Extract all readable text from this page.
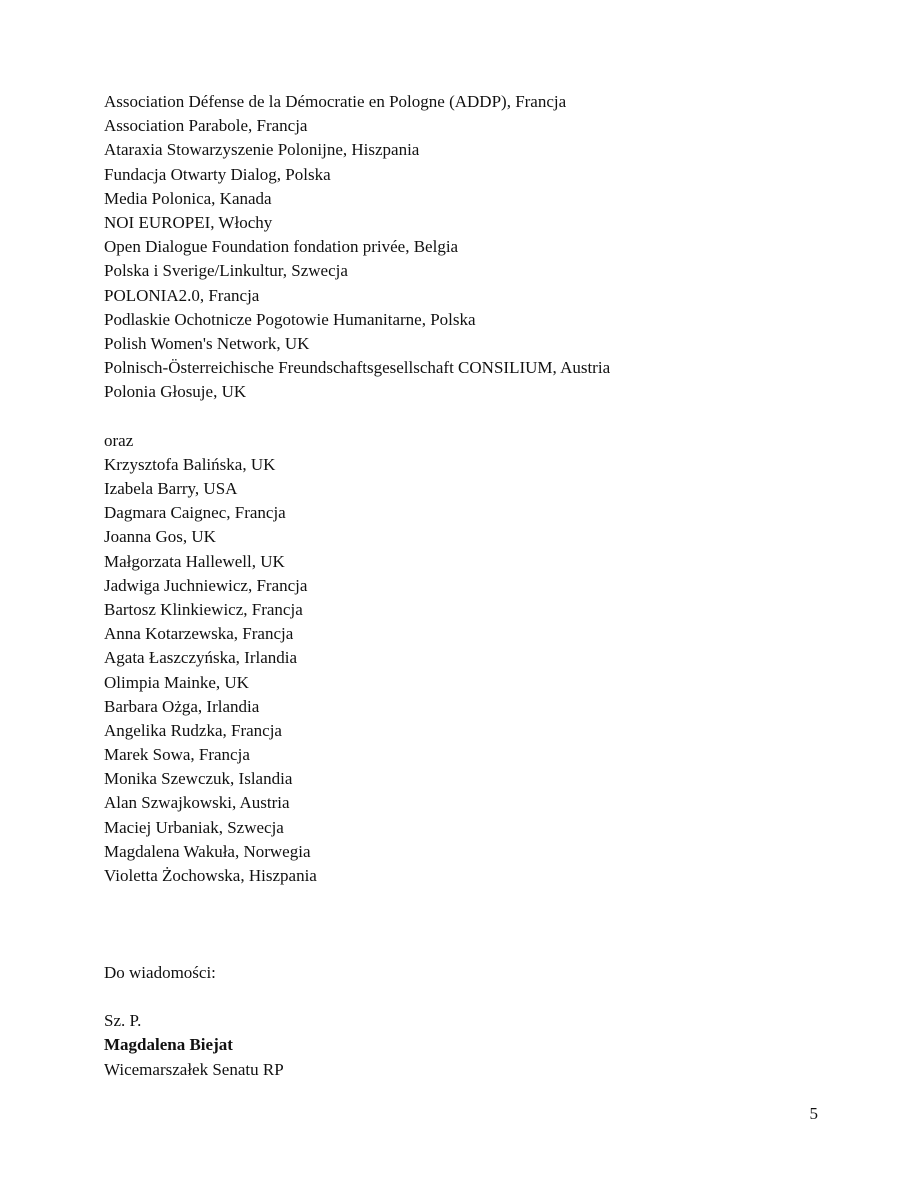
Association Défense de la Démocratie en Pologne (ADDP), Francja
Association Parabole, Francja
Ataraxia Stowarzyszenie Polonijne, Hiszpania
Fundacja Otwarty Dialog, Polska
Media Polonica, Kanada
NOI EUROPEI, Włochy
Open Dialogue Foundation fondation privée, Belgia
Polska i Sverige/Linkultur, Szwecja
POLONIA2.0, Francja
Podlaskie Ochotnicze Pogotowie Humanitarne, Polska
Polish Women's Network, UK
Polnisch-Österreichische Freundschaftsgesellschaft CONSILIUM, Austria
Polonia Głosuje, UK
oraz
Krzysztofa Balińska, UK
Izabela Barry, USA
Dagmara Caignec, Francja
Joanna Gos, UK
Małgorzata Hallewell, UK
Jadwiga Juchniewicz, Francja
Bartosz Klinkiewicz, Francja
Anna Kotarzewska, Francja
Agata Łaszczyńska, Irlandia
Olimpia Mainke, UK
Barbara Ożga, Irlandia
Angelika Rudzka, Francja
Marek Sowa, Francja
Monika Szewczuk, Islandia
Alan Szwajkowski, Austria
Maciej Urbaniak, Szwecja
Magdalena Wakuła, Norwegia
Violetta Żochowska, Hiszpania
Do wiadomości:
Sz. P.
Magdalena Biejat
Wicemarszałek Senatu RP
5
